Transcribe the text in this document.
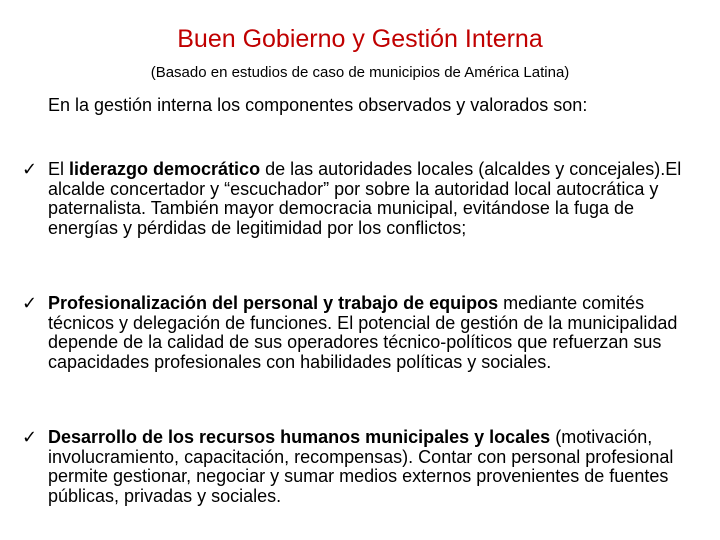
Buen Gobierno y Gestión Interna
(Basado en estudios de caso de municipios de América Latina)
En la gestión interna los componentes observados y valorados son:
✓ El liderazgo democrático de las autoridades locales (alcaldes y concejales).El alcalde concertador y “escuchador” por sobre la autoridad local autocrática y paternalista. También mayor democracia municipal, evitándose la fuga de energías y pérdidas de legitimidad por los conflictos;
✓ Profesionalización del personal y trabajo de equipos mediante comités técnicos y delegación de funciones. El potencial de gestión de la municipalidad depende de la calidad de sus operadores técnico-políticos que refuerzan sus capacidades profesionales con habilidades políticas y sociales.
✓ Desarrollo de los recursos humanos municipales y locales (motivación, involucramiento, capacitación, recompensas). Contar con personal profesional permite gestionar, negociar y sumar medios externos provenientes de fuentes públicas, privadas y sociales.
